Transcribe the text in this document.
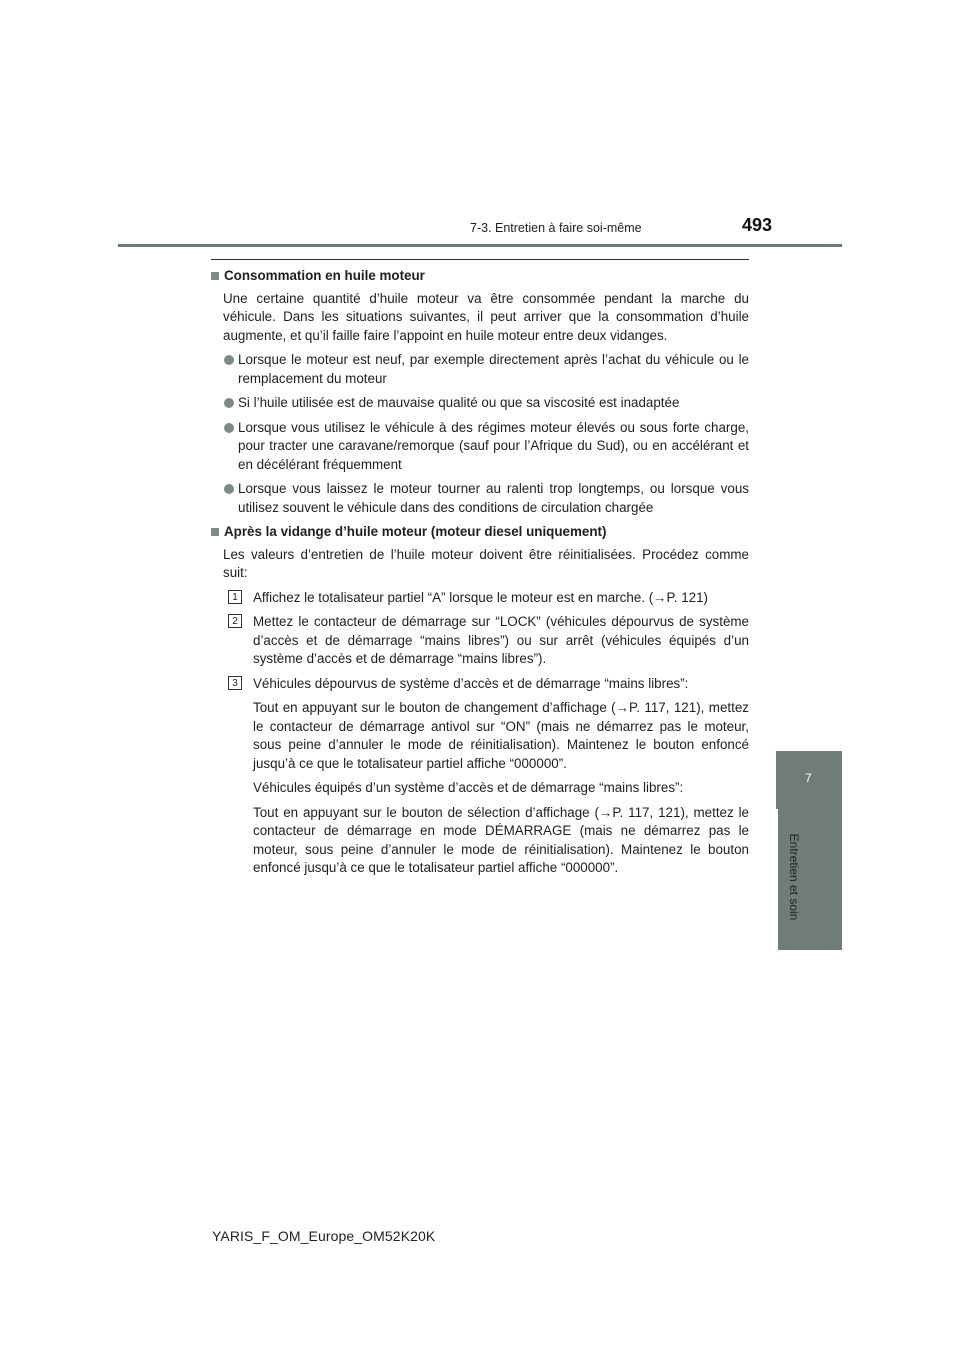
7-3. Entretien à faire soi-même	493
7
Entretien et soin
Consommation en huile moteur

Une certaine quantité d’huile moteur va être consommée pendant la marche du véhicule. Dans les situations suivantes, il peut arriver que la consommation d’huile augmente, et qu’il faille faire l’appoint en huile moteur entre deux vidanges.

Lorsque le moteur est neuf, par exemple directement après l’achat du véhicule ou le remplacement du moteur
Si l’huile utilisée est de mauvaise qualité ou que sa viscosité est inadaptée
Lorsque vous utilisez le véhicule à des régimes moteur élevés ou sous forte charge, pour tracter une caravane/remorque (sauf pour l’Afrique du Sud), ou en accélérant et en décélérant fréquemment
Lorsque vous laissez le moteur tourner au ralenti trop longtemps, ou lorsque vous utilisez souvent le véhicule dans des conditions de circulation chargée
Après la vidange d’huile moteur (moteur diesel uniquement)

Les valeurs d’entretien de l’huile moteur doivent être réinitialisées. Procédez comme suit:

1	Affichez le totalisateur partiel “A” lorsque le moteur est en marche. (→P. 121)
2	Mettez le contacteur de démarrage sur “LOCK” (véhicules dépourvus de système d’accès et de démarrage “mains libres”) ou sur arrêt (véhicules équipés d’un système d’accès et de démarrage “mains libres”).
3	Véhicules dépourvus de système d’accès et de démarrage “mains libres”:
Tout en appuyant sur le bouton de changement d’affichage (→P. 117, 121), mettez le contacteur de démarrage antivol sur “ON” (mais ne démarrez pas le moteur, sous peine d’annuler le mode de réinitialisation). Maintenez le bouton enfoncé jusqu’à ce que le totalisateur partiel affiche “000000”.
Véhicules équipés d’un système d’accès et de démarrage “mains libres”:
Tout en appuyant sur le bouton de sélection d’affichage (→P. 117, 121), mettez le contacteur de démarrage en mode DÉMARRAGE (mais ne démarrez pas le moteur, sous peine d’annuler le mode de réinitialisation). Maintenez le bouton enfoncé jusqu’à ce que le totalisateur partiel affiche “000000”.
YARIS_F_OM_Europe_OM52K20K
